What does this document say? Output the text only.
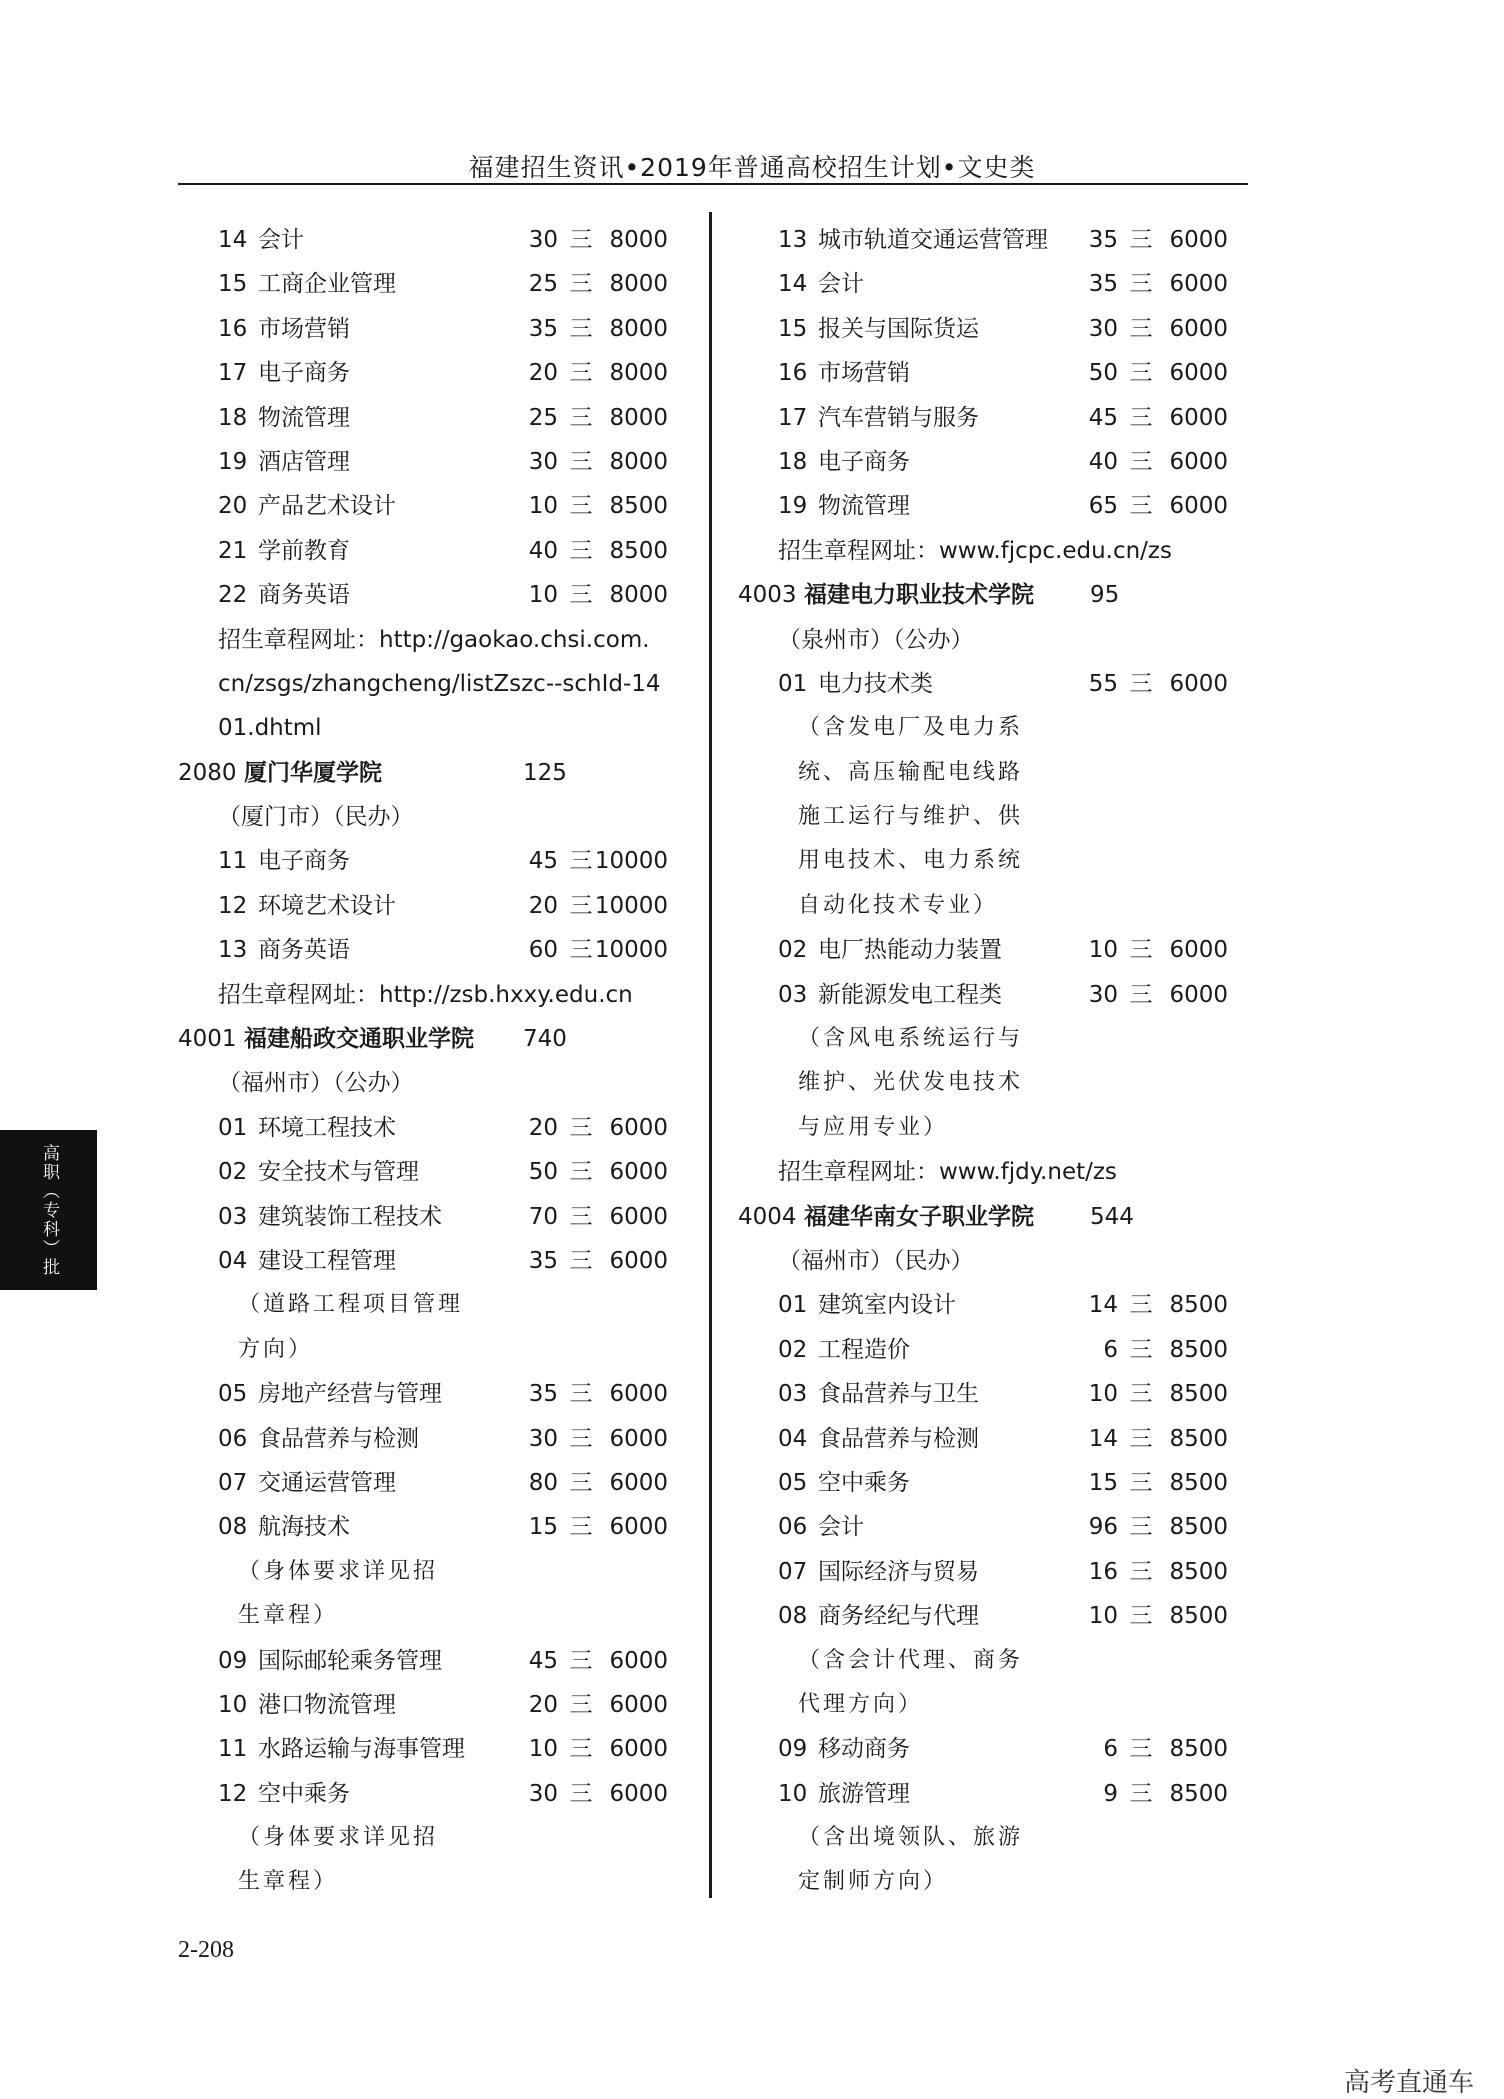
福建招生资讯•2019年普通高校招生计划•文史类
14 会计	30 三 8000
15 工商企业管理	25 三 8000
16 市场营销	35 三 8000
17 电子商务	20 三 8000
18 物流管理	25 三 8000
19 酒店管理	30 三 8000
20 产品艺术设计	10 三 8500
21 学前教育	40 三 8500
22 商务英语	10 三 8000
招生章程网址：http://gaokao.chsi.com.
cn/zsgs/zhangcheng/listZszc--schId-14
01.dhtml
2080 厦门华厦学院	125
（厦门市）（民办）
11 电子商务	45 三 10000
12 环境艺术设计	20 三 10000
13 商务英语	60 三 10000
招生章程网址：http://zsb.hxxy.edu.cn
4001 福建船政交通职业学院 740
（福州市）（公办）
01 环境工程技术	20 三 6000
02 安全技术与管理	50 三 6000
03 建筑装饰工程技术	70 三 6000
04 建设工程管理	35 三 6000
（道路工程项目管理
方向）
05 房地产经营与管理	35 三 6000
06 食品营养与检测	30 三 6000
07 交通运营管理	80 三 6000
08 航海技术	15 三 6000
（身体要求详见招
生章程）
09 国际邮轮乘务管理	45 三 6000
10 港口物流管理	20 三 6000
11 水路运输与海事管理	10 三 6000
12 空中乘务	30 三 6000
（身体要求详见招
生章程）
13 城市轨道交通运营管理	35 三 6000
14 会计	35 三 6000
15 报关与国际货运	30 三 6000
16 市场营销	50 三 6000
17 汽车营销与服务	45 三 6000
18 电子商务	40 三 6000
19 物流管理	65 三 6000
招生章程网址：www.fjcpc.edu.cn/zs
4003 福建电力职业技术学院 95
（泉州市）（公办）
01 电力技术类	55 三 6000
（含发电厂及电力系
统、高压输配电线路
施工运行与维护、供
用电技术、电力系统
自动化技术专业）
02 电厂热能动力装置	10 三 6000
03 新能源发电工程类	30 三 6000
（含风电系统运行与
维护、光伏发电技术
与应用专业）
招生章程网址：www.fjdy.net/zs
4004 福建华南女子职业学院 544
（福州市）（民办）
01 建筑室内设计	14 三 8500
02 工程造价	6 三 8500
03 食品营养与卫生	10 三 8500
04 食品营养与检测	14 三 8500
05 空中乘务	15 三 8500
06 会计	96 三 8500
07 国际经济与贸易	16 三 8500
08 商务经纪与代理	10 三 8500
（含会计代理、商务
代理方向）
09 移动商务	6 三 8500
10 旅游管理	9 三 8500
（含出境领队、旅游
定制师方向）
高职（专科）批
2-208
高考直通车
